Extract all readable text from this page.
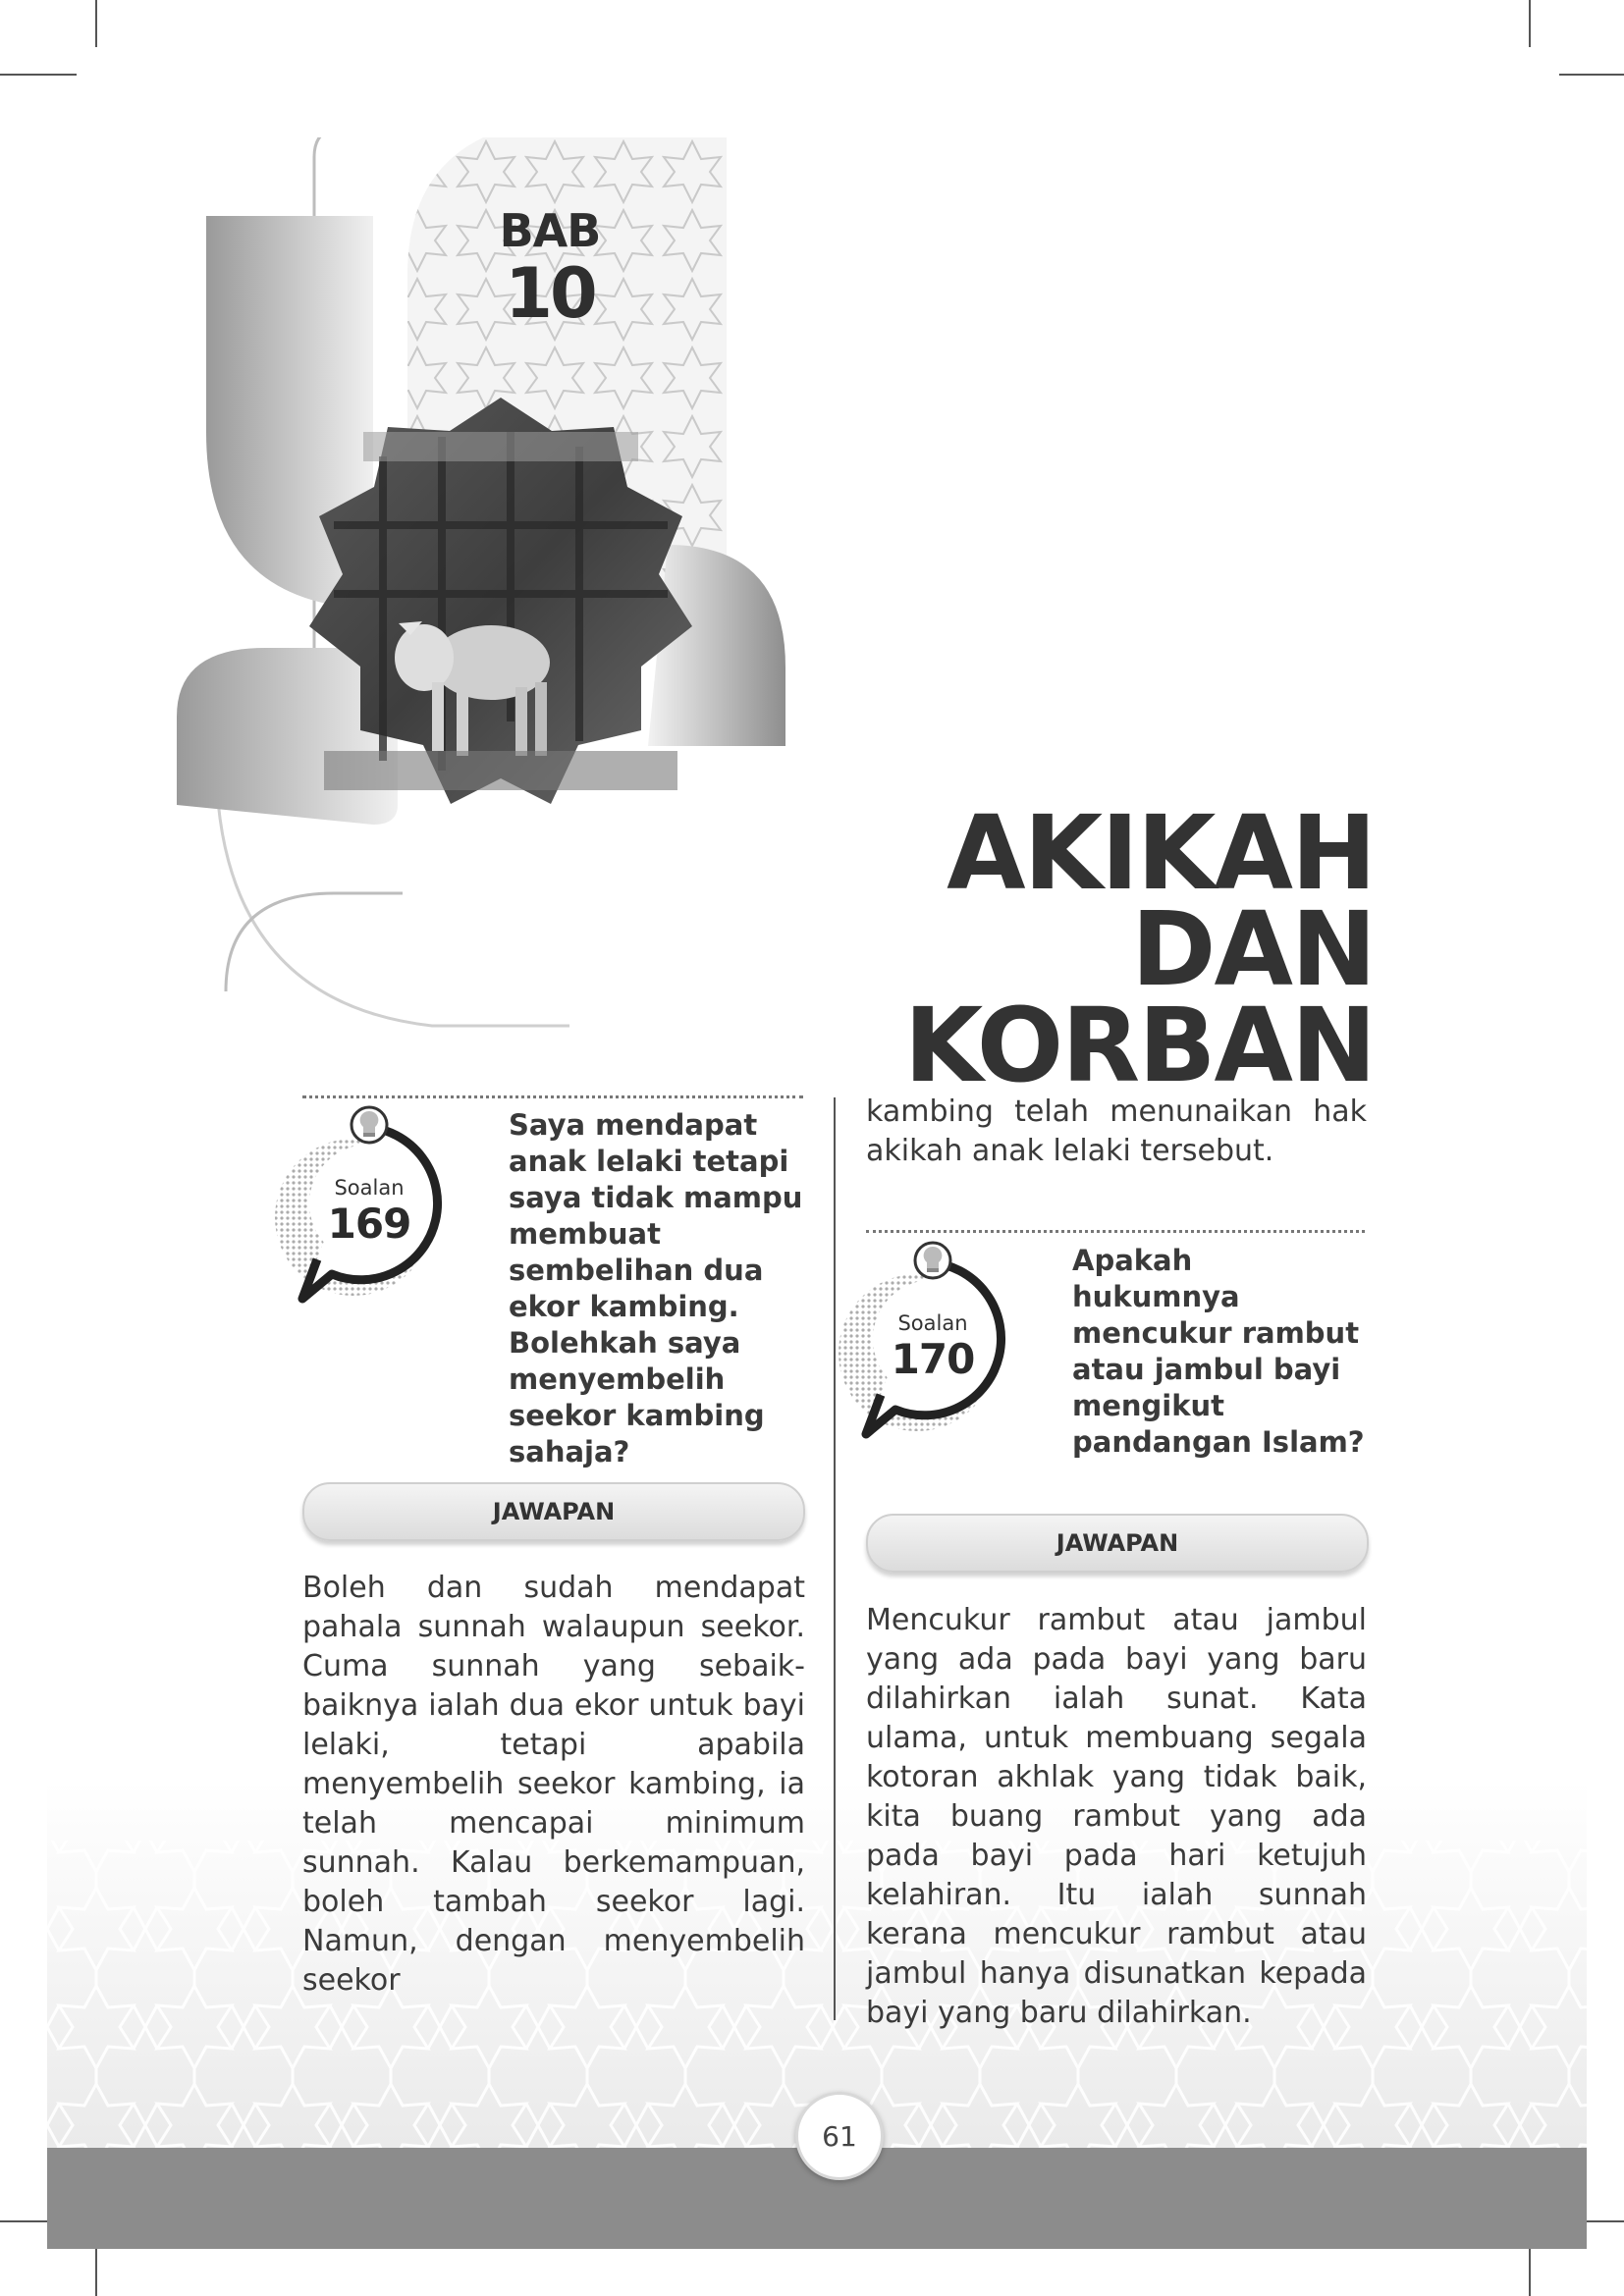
61
BAB
10
AKIKAH DAN
KORBAN
Soalan
169
Saya mendapat anak lelaki tetapi saya tidak mampu membuat sembelihan dua ekor kambing. Bolehkah saya menyembelih seekor kambing sahaja?
JAWAPAN
Boleh dan sudah mendapat pahala sunnah walaupun seekor. Cuma sunnah yang sebaik-baiknya ialah dua ekor untuk bayi lelaki, tetapi apabila menyembelih seekor kambing, ia telah mencapai minimum sunnah. Kalau berkemampuan, boleh tambah seekor lagi. Namun, dengan menyembelih seekor
kambing telah menunaikan hak akikah anak lelaki tersebut.
Soalan
170
Apakah hukumnya mencukur rambut atau jambul bayi mengikut pandangan Islam?
JAWAPAN
Mencukur rambut atau jambul yang ada pada bayi yang baru dilahirkan ialah sunat. Kata ulama, untuk membuang segala kotoran akhlak yang tidak baik, kita buang rambut yang ada pada bayi pada hari ketujuh kelahiran. Itu ialah sunnah kerana mencukur rambut atau jambul hanya disunatkan kepada bayi yang baru dilahirkan.
